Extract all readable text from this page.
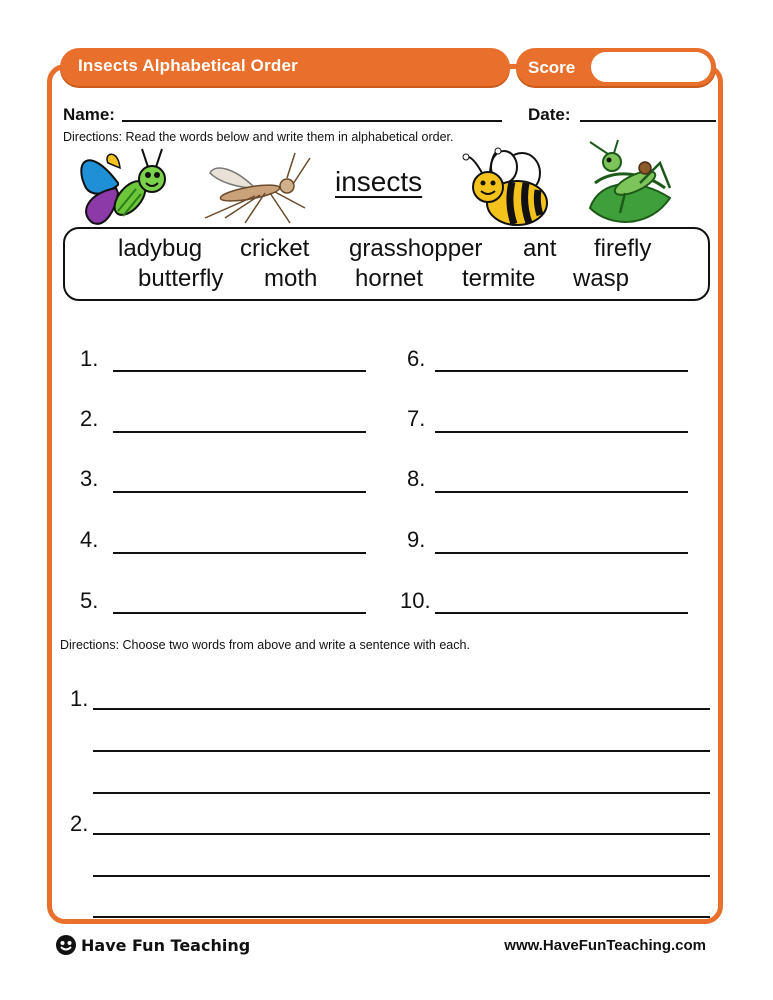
Insects Alphabetical Order	Score
Name:	Date:
Directions: Read the words below and write them in alphabetical order.
insects
ladybug cricket grasshopper ant firefly
butterfly moth hornet termite wasp
1.
2.
3.
4.
5.
6.
7.
8.
9.
10.
Directions: Choose two words from above and write a sentence with each.
1.
2.
Have Fun Teaching	www.HaveFunTeaching.com
